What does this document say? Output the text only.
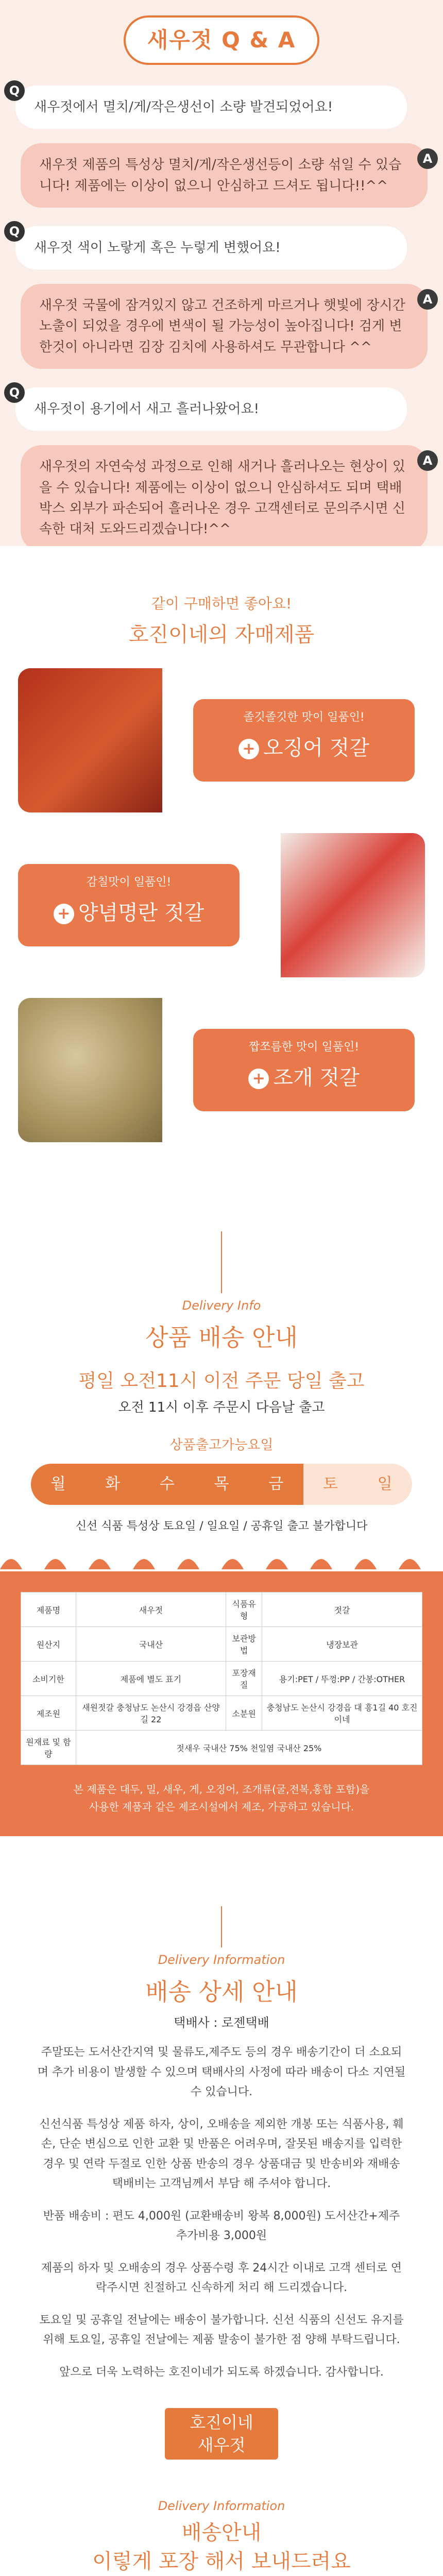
새우젓 Q & A
Q
새우젓에서 멸치/게/작은생선이 소량 발견되었어요!
A
새우젓 제품의 특성상 멸치/게/작은생선등이 소량 섞일 수 있습니다! 제품에는 이상이 없으니 안심하고 드셔도 됩니다!!^^
Q
새우젓 색이 노랗게 혹은 누렇게 변했어요!
A
새우젓 국물에 잠겨있지 않고 건조하게 마르거나 햇빛에 장시간 노출이 되었을 경우에 변색이 될 가능성이 높아집니다! 검게 변한것이 아니라면 김장 김치에 사용하셔도 무관합니다 ^^
Q
새우젓이 용기에서 새고 흘러나왔어요!
A
새우젓의 자연숙성 과정으로 인해 새거나 흘러나오는 현상이 있을 수 있습니다! 제품에는 이상이 없으니 안심하셔도 되며 택배박스 외부가 파손되어 흘러나온 경우 고객센터로 문의주시면 신속한 대처 도와드리겠습니다!^^
같이 구매하면 좋아요!
호진이네의 자매제품
졸깃졸깃한 맛이 일품인!
+ 오징어 젓갈
감칠맛이 일품인!
+ 양념명란 젓갈
짭쪼름한 맛이 일품인!
+ 조개 젓갈
Delivery Info
상품 배송 안내
평일 오전11시 이전 주문 당일 출고
오전 11시 이후 주문시 다음날 출고
상품출고가능요일
월	화	수	목	금	토	일
신선 식품 특성상 토요일 / 일요일 / 공휴일 출고 불가합니다
제품명	새우젓	식품유형	젓갈
원산지	국내산	보관방법	냉장보관
소비기한	제품에 별도 표기	포장재질	용기:PET / 뚜껑:PP / 간봉:OTHER
제조원	새원젓갈 충청남도 논산시 강경읍 산양길 22	소분원	충청남도 논산시 강경읍 대 흥1길 40 호진이네
원재료 및 함량	젓새우 국내산 75% 천일염 국내산 25%		
본 제품은 대두, 밀, 새우, 게, 오징어, 조개류(굴,전복,홍합 포함)을
사용한 제품과 같은 제조시설에서 제조, 가공하고 있습니다.
Delivery Information
배송 상세 안내
택배사 : 로젠택배
주말또는 도서산간지역 및 물류도,제주도 등의 경우 배송기간이 더 소요되며 추가 비용이 발생할 수 있으며 택배사의 사정에 따라 배송이 다소 지연될 수 있습니다.
신선식품 특성상 제품 하자, 상이, 오배송을 제외한 개봉 또는 식품사용, 훼손, 단순 변심으로 인한 교환 및 반품은 어려우며, 잘못된 배송지를 입력한 경우 및 연락 두절로 인한 상품 반송의 경우 상품대금 및 반송비와 재배송 택배비는 고객님께서 부담 해 주셔야 합니다.
반품 배송비 : 편도 4,000원 (교환배송비 왕복 8,000원) 도서산간+제주 추가비용 3,000원
제품의 하자 및 오배송의 경우 상품수령 후 24시간 이내로 고객 센터로 연락주시면 친절하고 신속하게 처리 해 드리겠습니다.
토요일 및 공휴일 전날에는 배송이 불가합니다. 신선 식품의 신선도 유지를 위해 토요일, 공휴일 전날에는 제품 발송이 불가한 점 양해 부탁드립니다.
앞으로 더욱 노력하는 호진이네가 되도록 하겠습니다. 감사합니다.
호진이네
새우젓
Delivery Information
배송안내
이렇게 포장 해서 보내드려요
